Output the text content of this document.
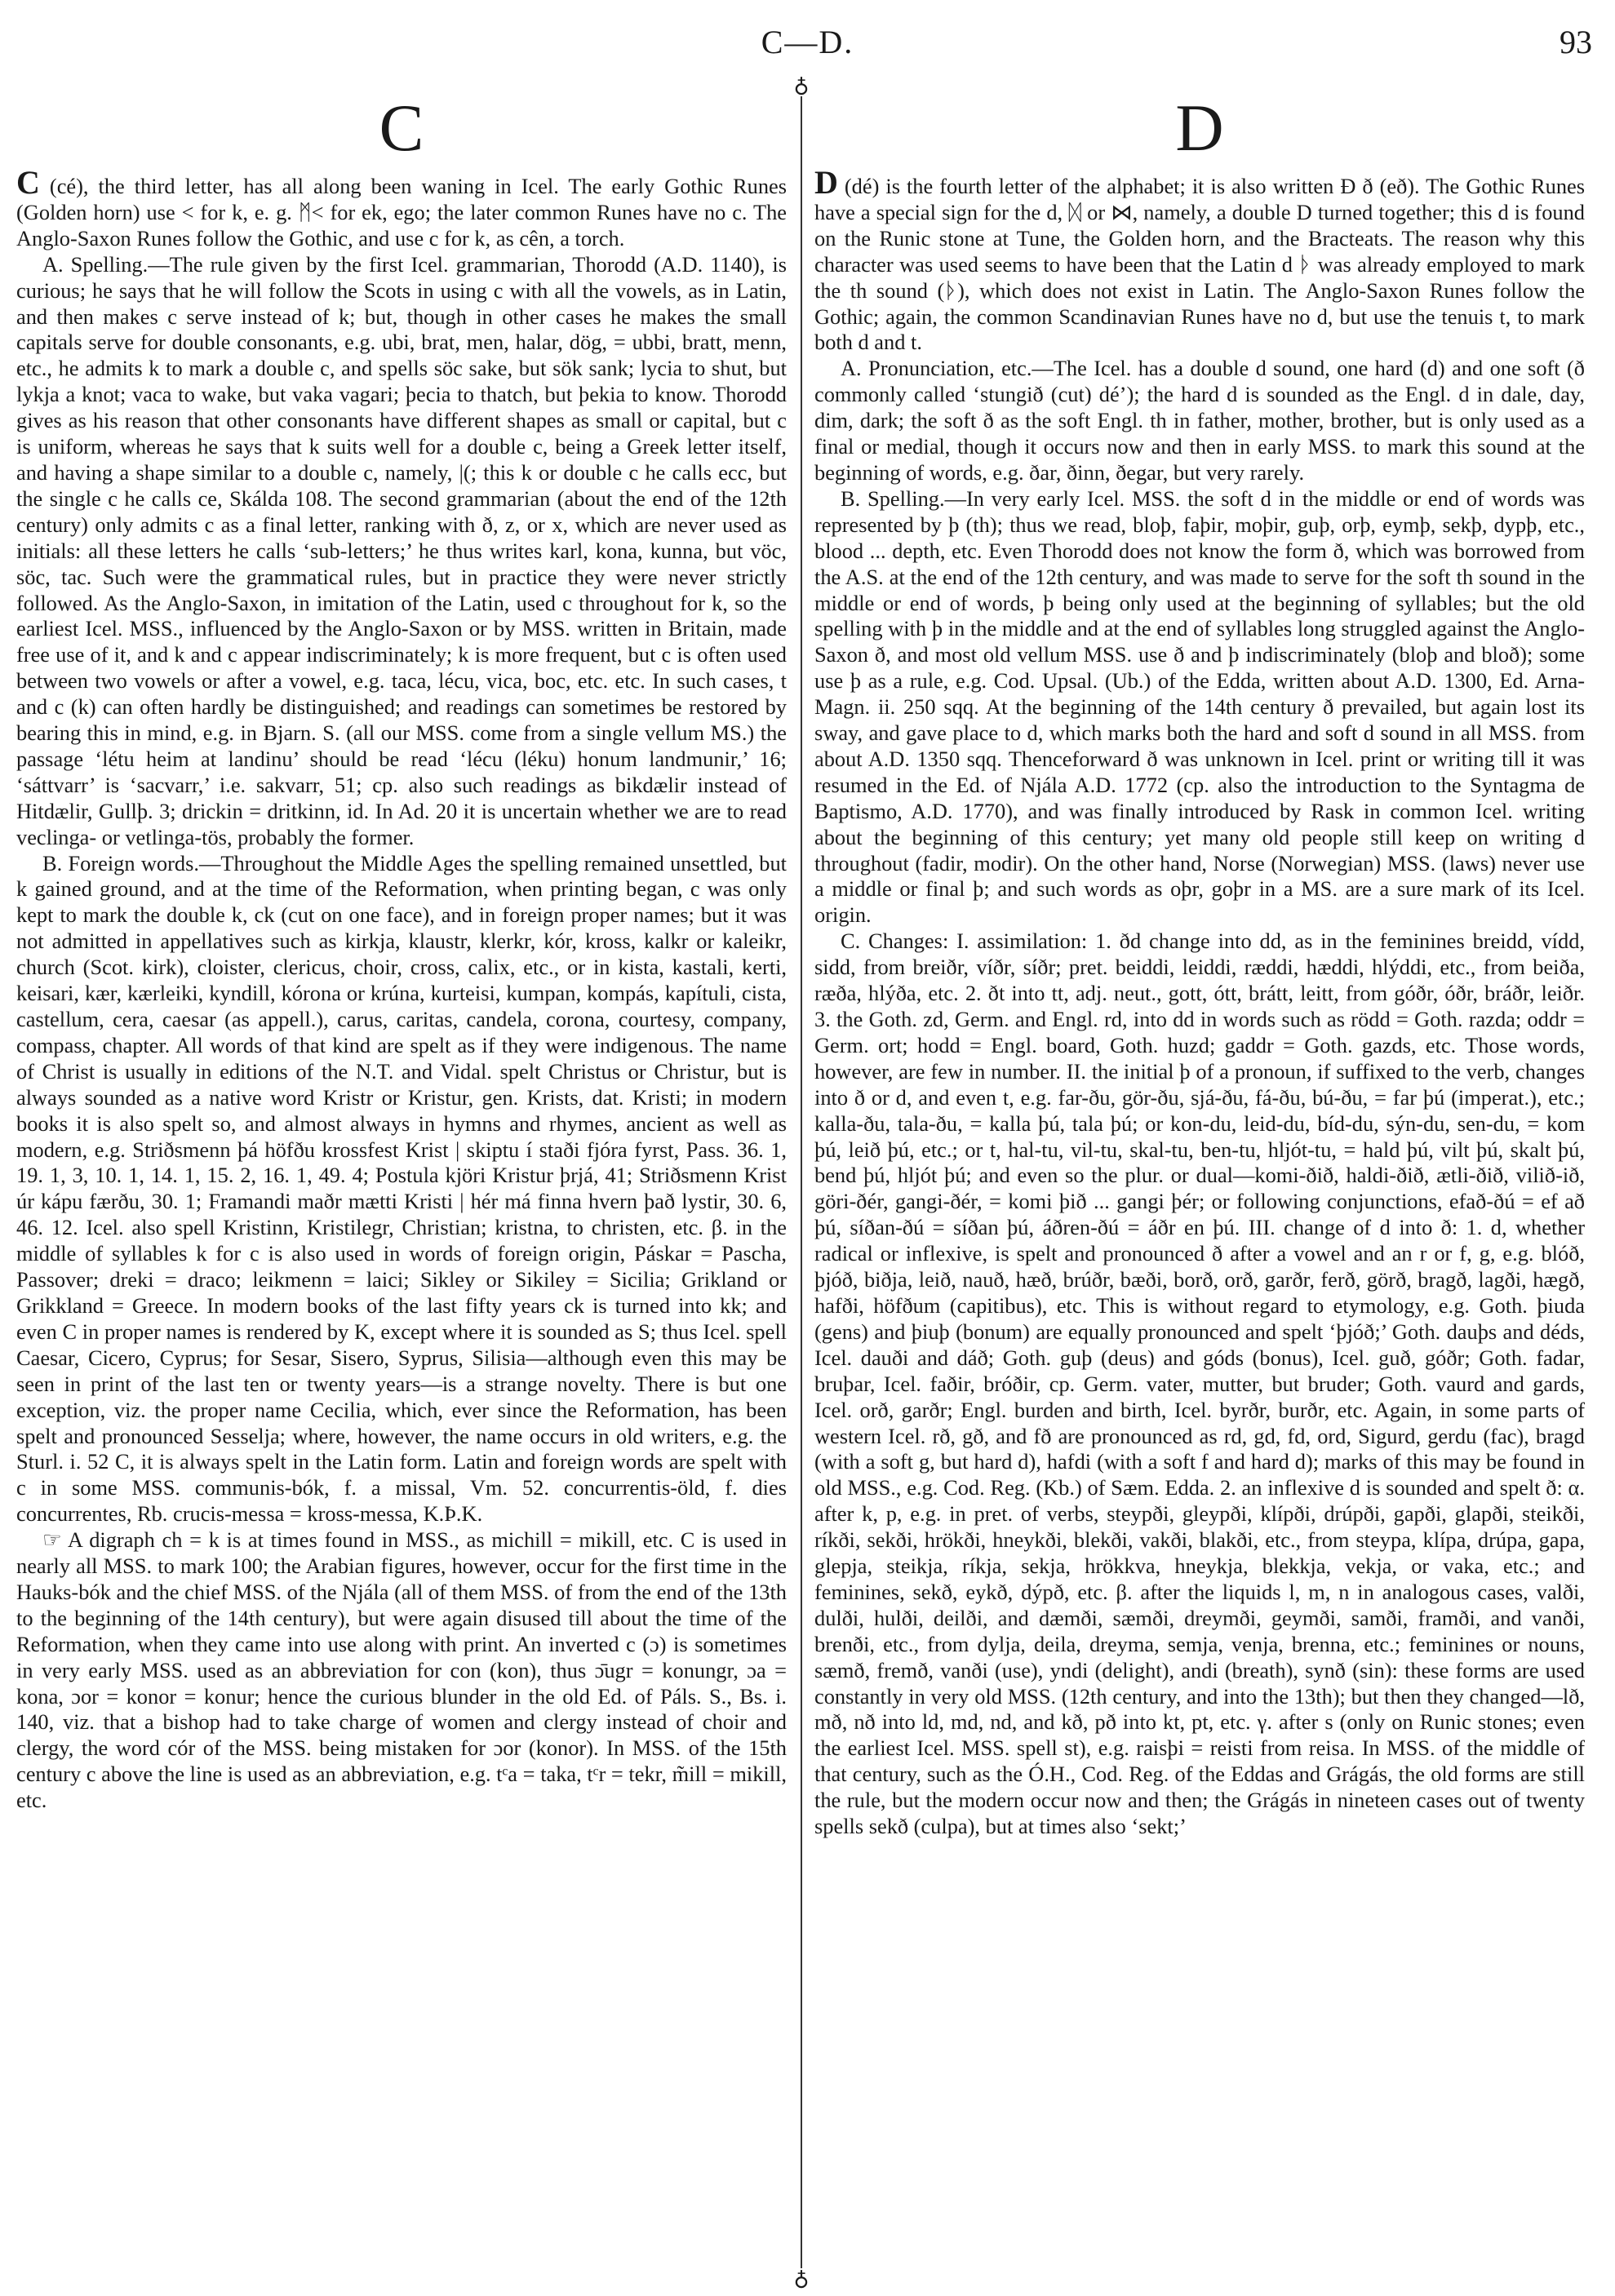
C—D.	93
♁
♁
C

C (cé), the third letter, has all along been waning in Icel. The early Gothic Runes (Golden horn) use < for k, e. g. ᛗ< for ek, ego; the later common Runes have no c. The Anglo-Saxon Runes follow the Gothic, and use c for k, as cên, a torch.

A. Spelling.—The rule given by the first Icel. grammarian, Thorodd (A.D. 1140), is curious; he says that he will follow the Scots in using c with all the vowels, as in Latin, and then makes c serve instead of k; but, though in other cases he makes the small capitals serve for double consonants, e.g. ubi, brat, men, halar, dög, = ubbi, bratt, menn, etc., he admits k to mark a double c, and spells söc sake, but sök sank; lycia to shut, but lykja a knot; vaca to wake, but vaka vagari; þecia to thatch, but þekia to know. Thorodd gives as his reason that other consonants have different shapes as small or capital, but c is uniform, whereas he says that k suits well for a double c, being a Greek letter itself, and having a shape similar to a double c, namely, |(; this k or double c he calls ecc, but the single c he calls ce, Skálda 108. The second grammarian (about the end of the 12th century) only admits c as a final letter, ranking with ð, z, or x, which are never used as initials: all these letters he calls ‘sub-letters;’ he thus writes karl, kona, kunna, but vöc, söc, tac. Such were the grammatical rules, but in practice they were never strictly followed. As the Anglo-Saxon, in imitation of the Latin, used c throughout for k, so the earliest Icel. MSS., influenced by the Anglo-Saxon or by MSS. written in Britain, made free use of it, and k and c appear indiscriminately; k is more frequent, but c is often used between two vowels or after a vowel, e.g. taca, lécu, vica, boc, etc. etc. In such cases, t and c (k) can often hardly be distinguished; and readings can sometimes be restored by bearing this in mind, e.g. in Bjarn. S. (all our MSS. come from a single vellum MS.) the passage ‘létu heim at landinu’ should be read ‘lécu (léku) honum landmunir,’ 16; ‘sáttvarr’ is ‘sacvarr,’ i.e. sakvarr, 51; cp. also such readings as bikdælir instead of Hitdælir, Gullþ. 3; drickin = dritkinn, id. In Ad. 20 it is uncertain whether we are to read veclinga- or vetlinga-tös, probably the former.

B. Foreign words.—Throughout the Middle Ages the spelling remained unsettled, but k gained ground, and at the time of the Reformation, when printing began, c was only kept to mark the double k, ck (cut on one face), and in foreign proper names; but it was not admitted in appellatives such as kirkja, klaustr, klerkr, kór, kross, kalkr or kaleikr, church (Scot. kirk), cloister, clericus, choir, cross, calix, etc., or in kista, kastali, kerti, keisari, kær, kærleiki, kyndill, kórona or krúna, kurteisi, kumpan, kompás, kapítuli, cista, castellum, cera, caesar (as appell.), carus, caritas, candela, corona, courtesy, company, compass, chapter. All words of that kind are spelt as if they were indigenous. The name of Christ is usually in editions of the N.T. and Vidal. spelt Christus or Christur, but is always sounded as a native word Kristr or Kristur, gen. Krists, dat. Kristi; in modern books it is also spelt so, and almost always in hymns and rhymes, ancient as well as modern, e.g. Striðsmenn þá höfðu krossfest Krist | skiptu í staði fjóra fyrst, Pass. 36. 1, 19. 1, 3, 10. 1, 14. 1, 15. 2, 16. 1, 49. 4; Postula kjöri Kristur þrjá, 41; Striðsmenn Krist úr kápu færðu, 30. 1; Framandi maðr mætti Kristi | hér má finna hvern það lystir, 30. 6, 46. 12. Icel. also spell Kristinn, Kristilegr, Christian; kristna, to christen, etc. β. in the middle of syllables k for c is also used in words of foreign origin, Páskar = Pascha, Passover; dreki = draco; leikmenn = laici; Sikley or Sikiley = Sicilia; Grikland or Grikkland = Greece. In modern books of the last fifty years ck is turned into kk; and even C in proper names is rendered by K, except where it is sounded as S; thus Icel. spell Caesar, Cicero, Cyprus; for Sesar, Sisero, Syprus, Silisia—although even this may be seen in print of the last ten or twenty years—is a strange novelty. There is but one exception, viz. the proper name Cecilia, which, ever since the Reformation, has been spelt and pronounced Sesselja; where, however, the name occurs in old writers, e.g. the Sturl. i. 52 C, it is always spelt in the Latin form. Latin and foreign words are spelt with c in some MSS. communis-bók, f. a missal, Vm. 52. concurrentis-öld, f. dies concurrentes, Rb. crucis-messa = kross-messa, K.Þ.K.

☞ A digraph ch = k is at times found in MSS., as michill = mikill, etc. C is used in nearly all MSS. to mark 100; the Arabian figures, however, occur for the first time in the Hauks-bók and the chief MSS. of the Njála (all of them MSS. of from the end of the 13th to the beginning of the 14th century), but were again disused till about the time of the Reformation, when they came into use along with print. An inverted c (ɔ) is sometimes in very early MSS. used as an abbreviation for con (kon), thus ɔ̄ugr = konungr, ɔa = kona, ɔor = konor = konur; hence the curious blunder in the old Ed. of Páls. S., Bs. i. 140, viz. that a bishop had to take charge of women and clergy instead of choir and clergy, the word cór of the MSS. being mistaken for ɔor (konor). In MSS. of the 15th century c above the line is used as an abbreviation, e.g. tᶜa = taka, tᶜr = tekr, m̃ill = mikill, etc.

D

D (dé) is the fourth letter of the alphabet; it is also written Ð ð (eð). The Gothic Runes have a special sign for the d, ᛞ or ⋈, namely, a double D turned together; this d is found on the Runic stone at Tune, the Golden horn, and the Bracteats. The reason why this character was used seems to have been that the Latin d ᚦ was already employed to mark the th sound (ᚦ), which does not exist in Latin. The Anglo-Saxon Runes follow the Gothic; again, the common Scandinavian Runes have no d, but use the tenuis t, to mark both d and t.

A. Pronunciation, etc.—The Icel. has a double d sound, one hard (d) and one soft (ð commonly called ‘stungið (cut) dé’); the hard d is sounded as the Engl. d in dale, day, dim, dark; the soft ð as the soft Engl. th in father, mother, brother, but is only used as a final or medial, though it occurs now and then in early MSS. to mark this sound at the beginning of words, e.g. ðar, ðinn, ðegar, but very rarely.

B. Spelling.—In very early Icel. MSS. the soft d in the middle or end of words was represented by þ (th); thus we read, bloþ, faþir, moþir, guþ, orþ, eymþ, sekþ, dypþ, etc., blood ... depth, etc. Even Thorodd does not know the form ð, which was borrowed from the A.S. at the end of the 12th century, and was made to serve for the soft th sound in the middle or end of words, þ being only used at the beginning of syllables; but the old spelling with þ in the middle and at the end of syllables long struggled against the Anglo-Saxon ð, and most old vellum MSS. use ð and þ indiscriminately (bloþ and bloð); some use þ as a rule, e.g. Cod. Upsal. (Ub.) of the Edda, written about A.D. 1300, Ed. Arna-Magn. ii. 250 sqq. At the beginning of the 14th century ð prevailed, but again lost its sway, and gave place to d, which marks both the hard and soft d sound in all MSS. from about A.D. 1350 sqq. Thenceforward ð was unknown in Icel. print or writing till it was resumed in the Ed. of Njála A.D. 1772 (cp. also the introduction to the Syntagma de Baptismo, A.D. 1770), and was finally introduced by Rask in common Icel. writing about the beginning of this century; yet many old people still keep on writing d throughout (fadir, modir). On the other hand, Norse (Norwegian) MSS. (laws) never use a middle or final þ; and such words as oþr, goþr in a MS. are a sure mark of its Icel. origin.

C. Changes: I. assimilation: 1. ðd change into dd, as in the feminines breidd, vídd, sidd, from breiðr, víðr, síðr; pret. beiddi, leiddi, ræddi, hæddi, hlýddi, etc., from beiða, ræða, hlýða, etc. 2. ðt into tt, adj. neut., gott, ótt, brátt, leitt, from góðr, óðr, bráðr, leiðr. 3. the Goth. zd, Germ. and Engl. rd, into dd in words such as rödd = Goth. razda; oddr = Germ. ort; hodd = Engl. board, Goth. huzd; gaddr = Goth. gazds, etc. Those words, however, are few in number. II. the initial þ of a pronoun, if suffixed to the verb, changes into ð or d, and even t, e.g. far-ðu, gör-ðu, sjá-ðu, fá-ðu, bú-ðu, = far þú (imperat.), etc.; kalla-ðu, tala-ðu, = kalla þú, tala þú; or kon-du, leid-du, bíd-du, sýn-du, sen-du, = kom þú, leið þú, etc.; or t, hal-tu, vil-tu, skal-tu, ben-tu, hljót-tu, = hald þú, vilt þú, skalt þú, bend þú, hljót þú; and even so the plur. or dual—komi-ðið, haldi-ðið, ætli-ðið, vilið-ið, göri-ðér, gangi-ðér, = komi þið ... gangi þér; or following conjunctions, efað-ðú = ef að þú, síðan-ðú = síðan þú, áðren-ðú = áðr en þú. III. change of d into ð: 1. d, whether radical or inflexive, is spelt and pronounced ð after a vowel and an r or f, g, e.g. blóð, þjóð, biðja, leið, nauð, hæð, brúðr, bæði, borð, orð, garðr, ferð, görð, bragð, lagði, hægð, hafði, höfðum (capitibus), etc. This is without regard to etymology, e.g. Goth. þiuda (gens) and þiuþ (bonum) are equally pronounced and spelt ‘þjóð;’ Goth. dauþs and déds, Icel. dauði and dáð; Goth. guþ (deus) and góds (bonus), Icel. guð, góðr; Goth. fadar, bruþar, Icel. faðir, bróðir, cp. Germ. vater, mutter, but bruder; Goth. vaurd and gards, Icel. orð, garðr; Engl. burden and birth, Icel. byrðr, burðr, etc. Again, in some parts of western Icel. rð, gð, and fð are pronounced as rd, gd, fd, ord, Sigurd, gerdu (fac), bragd (with a soft g, but hard d), hafdi (with a soft f and hard d); marks of this may be found in old MSS., e.g. Cod. Reg. (Kb.) of Sæm. Edda. 2. an inflexive d is sounded and spelt ð: α. after k, p, e.g. in pret. of verbs, steypði, gleypði, klípði, drúpði, gapði, glapði, steikði, ríkði, sekði, hrökði, hneykði, blekði, vakði, blakði, etc., from steypa, klípa, drúpa, gapa, glepja, steikja, ríkja, sekja, hrökkva, hneykja, blekkja, vekja, or vaka, etc.; and feminines, sekð, eykð, dýpð, etc. β. after the liquids l, m, n in analogous cases, valði, dulði, hulði, deilði, and dæmði, sæmði, dreymði, geymði, samði, framði, and vanði, brenði, etc., from dylja, deila, dreyma, semja, venja, brenna, etc.; feminines or nouns, sæmð, fremð, vanði (use), yndi (delight), andi (breath), synð (sin): these forms are used constantly in very old MSS. (12th century, and into the 13th); but then they changed—lð, mð, nð into ld, md, nd, and kð, pð into kt, pt, etc. γ. after s (only on Runic stones; even the earliest Icel. MSS. spell st), e.g. raisþi = reisti from reisa. In MSS. of the middle of that century, such as the Ó.H., Cod. Reg. of the Eddas and Grágás, the old forms are still the rule, but the modern occur now and then; the Grágás in nineteen cases out of twenty spells sekð (culpa), but at times also ‘sekt;’
